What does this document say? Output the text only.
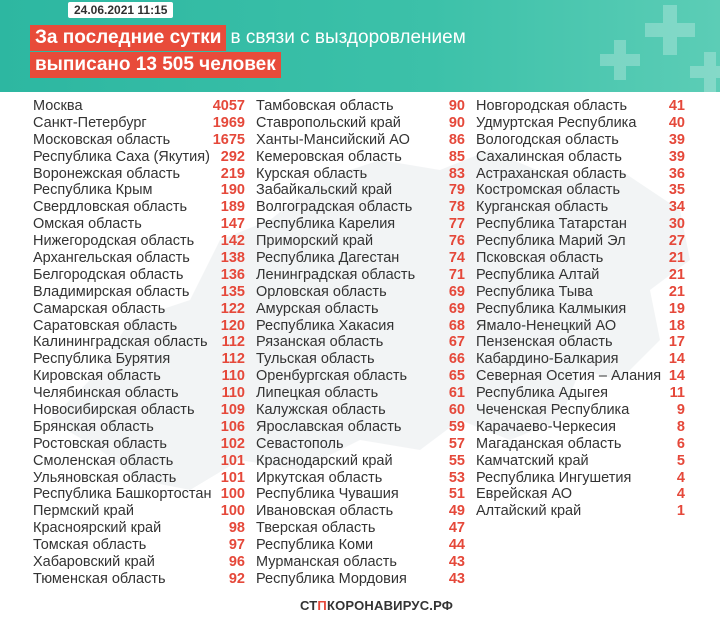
24.06.2021 11:15
За последние сутки в связи с выздоровлением
выписано 13 505 человек
Москва	4057
Санкт-Петербург	1969
Московская область	1675
Республика Саха (Якутия) 292
Воронежская область	219
Республика Крым	190
Свердловская область 189
Омская область	147
Нижегородская область 142
Архангельская область 138
Белгородская область	136
Владимирская область 135
Самарская область	122
Саратовская область	120
Калининградская область 112
Республика Бурятия	112
Кировская область	110
Челябинская область	110
Новосибирская область 109
Брянская область	106
Ростовская область	102
Смоленская область	101
Ульяновская область	101
Республика Башкортостан 100
Пермский край	100
Красноярский край	98
Томская область	97
Хабаровский край	96
Тюменская область	92
Тамбовская область	90
Ставропольский край	90
Ханты-Мансийский АО	86
Кемеровская область	85
Курская область	83
Забайкальский край	79
Волгоградская область	78
Республика Карелия	77
Приморский край	76
Республика Дагестан	74
Ленинградская область 71
Орловская область	69
Амурская область	69
Республика Хакасия	68
Рязанская область	67
Тульская область	66
Оренбургская область	65
Липецкая область	61
Калужская область	60
Ярославская область	59
Севастополь	57
Краснодарский край	55
Иркутская область	53
Республика Чувашия	51
Ивановская область	49
Тверская область	47
Республика Коми	44
Мурманская область	43
Республика Мордовия	43
Новгородская область	41
Удмуртская Республика 40
Вологодская область	39
Сахалинская область	39
Астраханская область	36
Костромская область	35
Курганская область	34
Республика Татарстан	30
Республика Марий Эл	27
Псковская область	21
Республика Алтай	21
Республика Тыва	21
Республика Калмыкия	19
Ямало-Ненецкий АО	18
Пензенская область	17
Кабардино-Балкария	14
Северная Осетия – Алания 14
Республика Адыгея	11
Чеченская Республика	9
Карачаево-Черкесия	8
Магаданская область	6
Камчатский край	5
Республика Ингушетия	4
Еврейская АО	4
Алтайский край	1
СТПКОРОНАВИРУС.РФ
